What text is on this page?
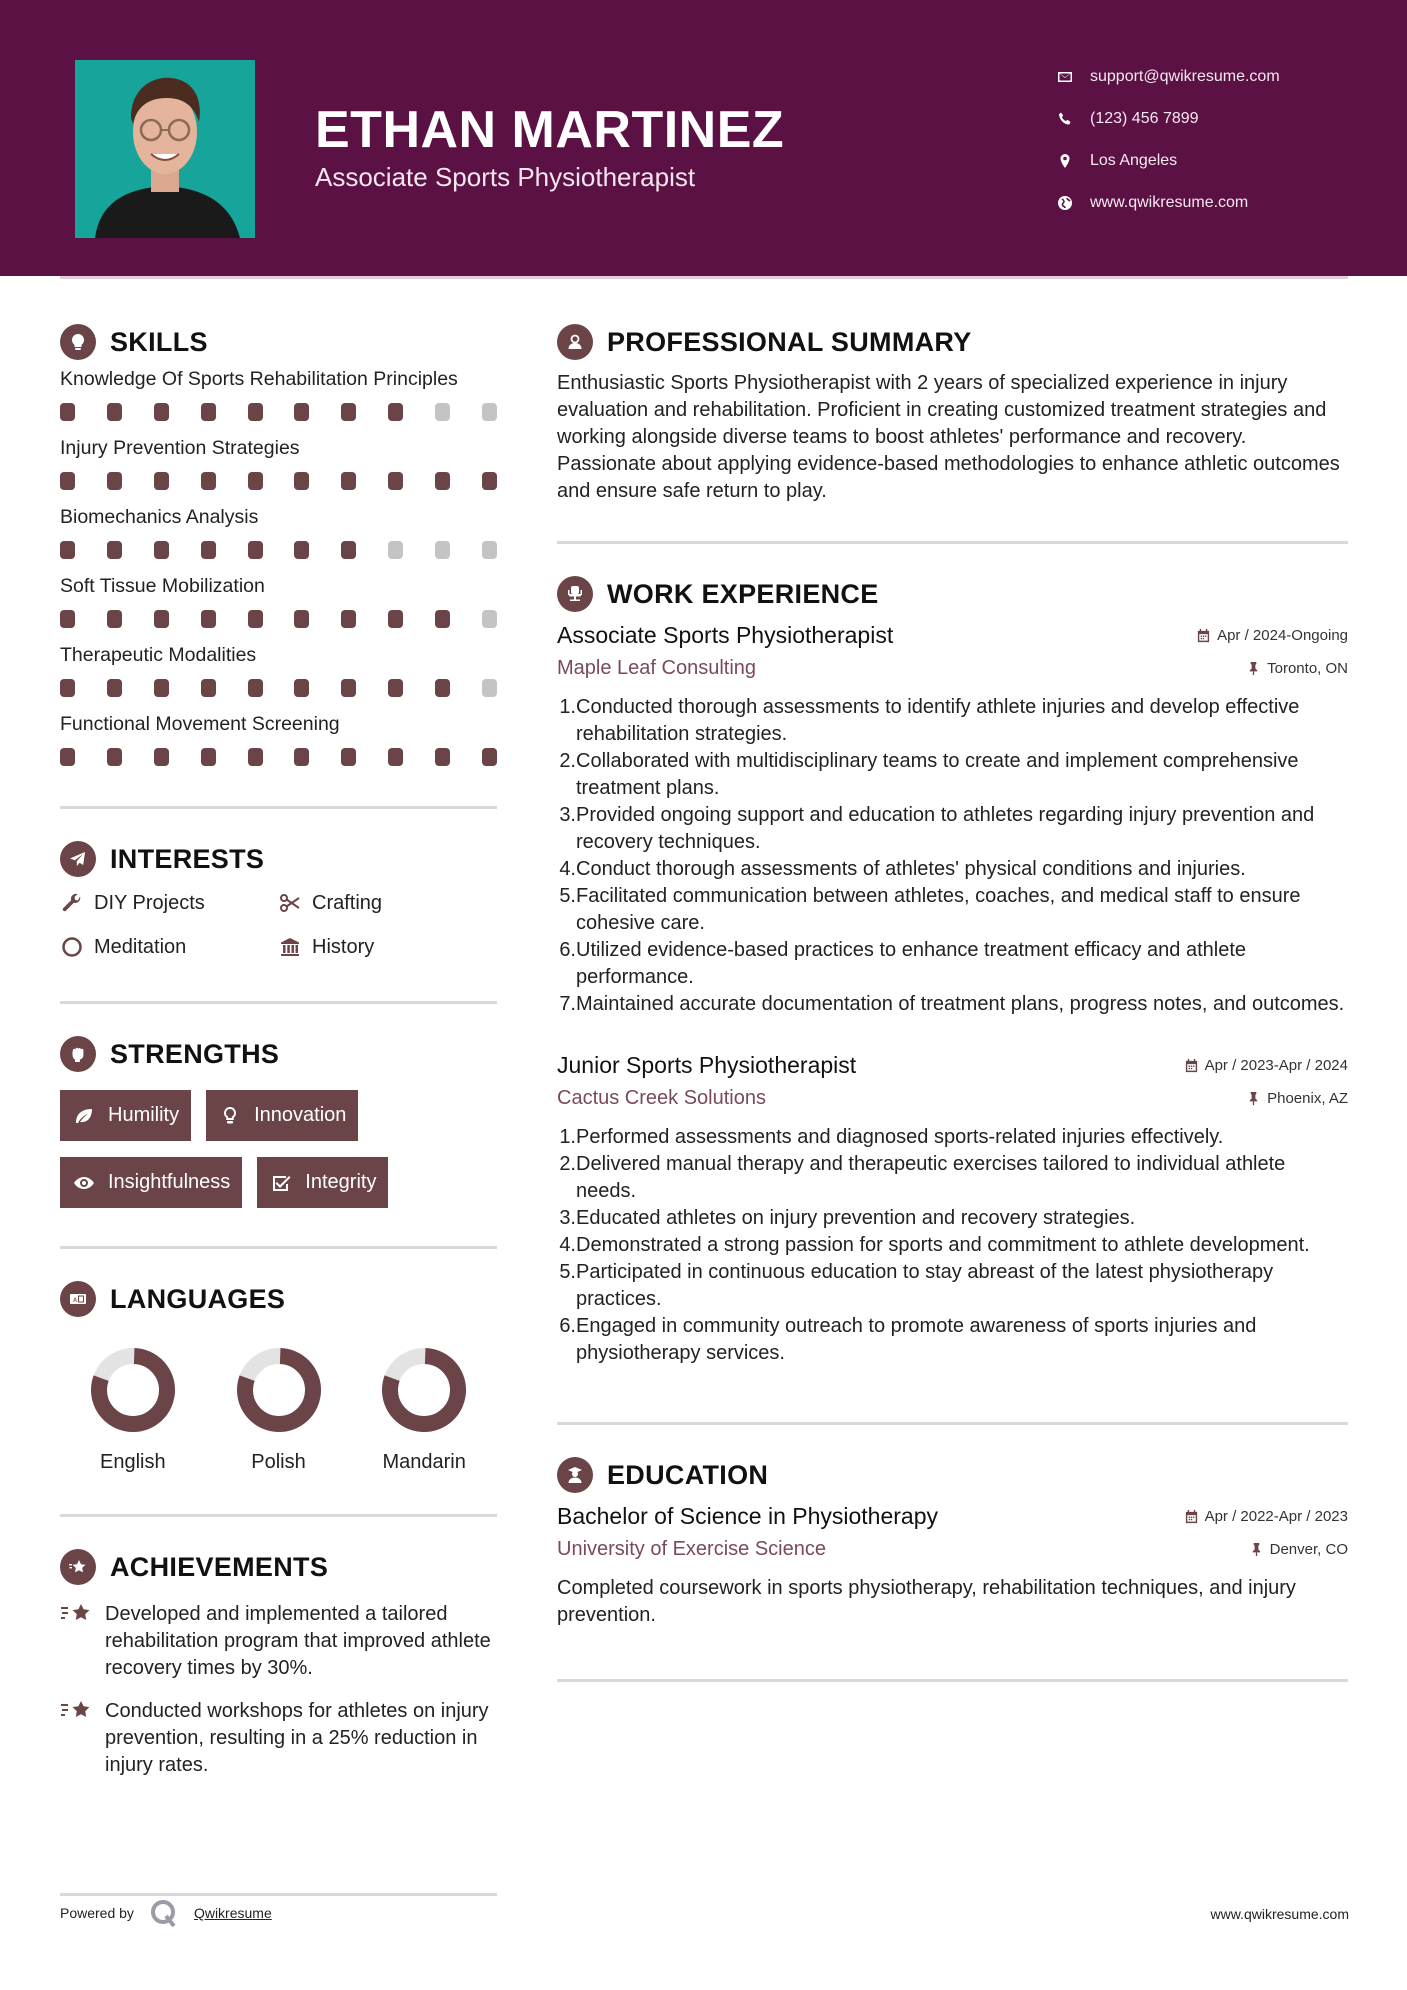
ETHAN MARTINEZ
Associate Sports Physiotherapist
support@qwikresume.com
(123) 456 7899
Los Angeles
www.qwikresume.com
SKILLS
Knowledge Of Sports Rehabilitation Principles
Injury Prevention Strategies
Biomechanics Analysis
Soft Tissue Mobilization
Therapeutic Modalities
Functional Movement Screening
INTERESTS
DIY Projects	Crafting
Meditation	History
STRENGTHS
Humility	Innovation
Insightfulness	Integrity
A LANGUAGES
English	Polish	Mandarin
ACHIEVEMENTS
Developed and implemented a tailored rehabilitation program that improved athlete recovery times by 30%.
Conducted workshops for athletes on injury prevention, resulting in a 25% reduction in injury rates.
PROFESSIONAL SUMMARY

Enthusiastic Sports Physiotherapist with 2 years of specialized experience in injury evaluation and rehabilitation. Proficient in creating customized treatment strategies and working alongside diverse teams to boost athletes' performance and recovery. Passionate about applying evidence-based methodologies to enhance athletic outcomes and ensure safe return to play.

WORK EXPERIENCE
Associate Sports Physiotherapist	Apr / 2024-Ongoing
Maple Leaf Consulting	Toronto, ON
1. Conducted thorough assessments to identify athlete injuries and develop effective rehabilitation strategies.
2. Collaborated with multidisciplinary teams to create and implement comprehensive treatment plans.
3. Provided ongoing support and education to athletes regarding injury prevention and recovery techniques.
4. Conduct thorough assessments of athletes' physical conditions and injuries.
5. Facilitated communication between athletes, coaches, and medical staff to ensure cohesive care.
6. Utilized evidence-based practices to enhance treatment efficacy and athlete performance.
7. Maintained accurate documentation of treatment plans, progress notes, and outcomes.
Junior Sports Physiotherapist	Apr / 2023-Apr / 2024
Cactus Creek Solutions	Phoenix, AZ
1. Performed assessments and diagnosed sports-related injuries effectively.
2. Delivered manual therapy and therapeutic exercises tailored to individual athlete needs.
3. Educated athletes on injury prevention and recovery strategies.
4. Demonstrated a strong passion for sports and commitment to athlete development.
5. Participated in continuous education to stay abreast of the latest physiotherapy practices.
6. Engaged in community outreach to promote awareness of sports injuries and physiotherapy services.
EDUCATION
Bachelor of Science in Physiotherapy	Apr / 2022-Apr / 2023
University of Exercise Science	Denver, CO

Completed coursework in sports physiotherapy, rehabilitation techniques, and injury prevention.

Powered by	Qwikresume	www.qwikresume.com
